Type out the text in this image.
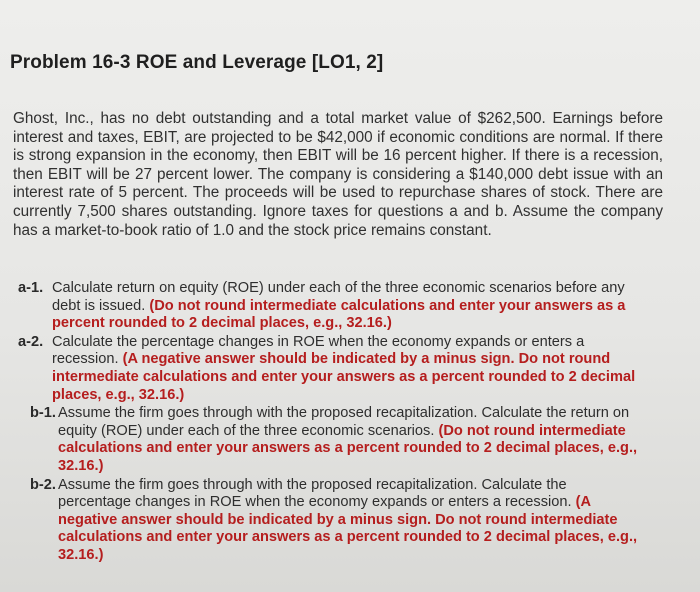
Problem 16-3 ROE and Leverage [LO1, 2]
Ghost, Inc., has no debt outstanding and a total market value of $262,500. Earnings before interest and taxes, EBIT, are projected to be $42,000 if economic conditions are normal. If there is strong expansion in the economy, then EBIT will be 16 percent higher. If there is a recession, then EBIT will be 27 percent lower. The company is considering a $140,000 debt issue with an interest rate of 5 percent. The proceeds will be used to repurchase shares of stock. There are currently 7,500 shares outstanding. Ignore taxes for questions a and b. Assume the company has a market-to-book ratio of 1.0 and the stock price remains constant.
a-1. Calculate return on equity (ROE) under each of the three economic scenarios before any debt is issued. (Do not round intermediate calculations and enter your answers as a percent rounded to 2 decimal places, e.g., 32.16.)
a-2. Calculate the percentage changes in ROE when the economy expands or enters a recession. (A negative answer should be indicated by a minus sign. Do not round intermediate calculations and enter your answers as a percent rounded to 2 decimal places, e.g., 32.16.)
b-1. Assume the firm goes through with the proposed recapitalization. Calculate the return on equity (ROE) under each of the three economic scenarios. (Do not round intermediate calculations and enter your answers as a percent rounded to 2 decimal places, e.g., 32.16.)
b-2. Assume the firm goes through with the proposed recapitalization. Calculate the percentage changes in ROE when the economy expands or enters a recession. (A negative answer should be indicated by a minus sign. Do not round intermediate calculations and enter your answers as a percent rounded to 2 decimal places, e.g., 32.16.)
